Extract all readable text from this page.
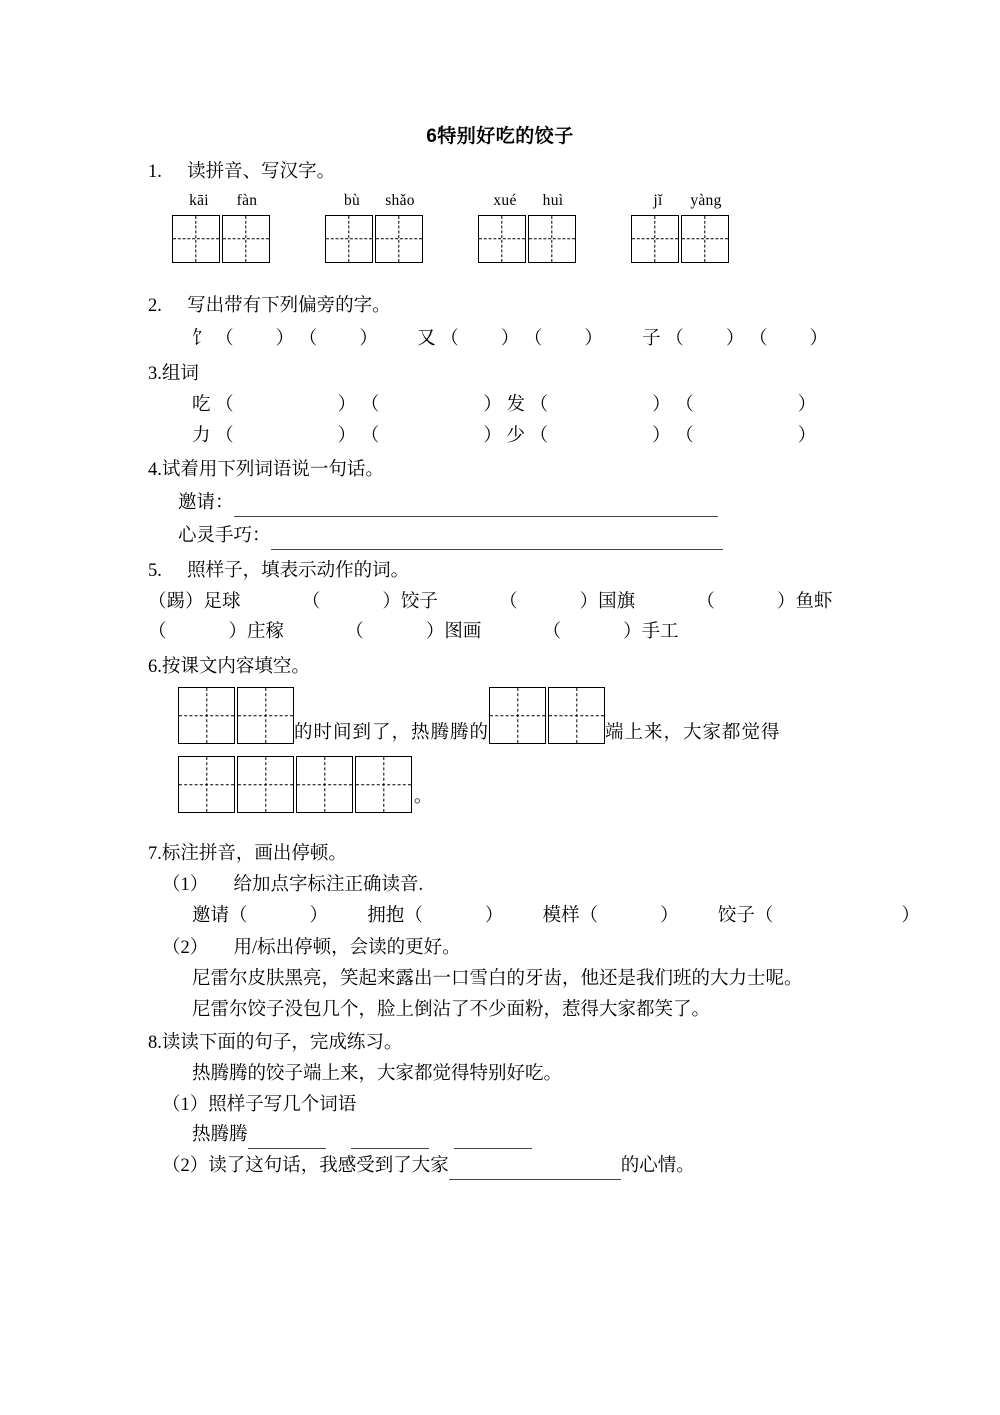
6特别好吃的饺子
1. 读拼音、写汉字。
kāi	fàn	bù	shǎo	xué	huì	jǐ	yàng
2. 写出带有下列偏旁的字。
饣 （ ） （ ） 又 （ ） （ ） 子 （ ） （ ）
3.组词
吃 （	） （	） 发 （	） （	）
力 （	） （	） 少 （	） （	）
4.试着用下列词语说一句话。
邀请：
心灵手巧：
5. 照样子，填表示动作的词。
（踢）足球	（	）饺子	（	）国旗	（	）鱼虾
（	）庄稼	（	）图画	（	）手工
6.按课文内容填空。
的时间到了，热腾腾的	端上来，大家都觉得
。
7.标注拼音，画出停顿。
（1） 给加点字标注正确读音.
邀请（	） 拥抱（	） 模样（	） 饺子（	）
（2） 用/标出停顿，会读的更好。
尼雷尔皮肤黑亮，笑起来露出一口雪白的牙齿，他还是我们班的大力士呢。
尼雷尔饺子没包几个，脸上倒沾了不少面粉，惹得大家都笑了。
8.读读下面的句子，完成练习。
热腾腾的饺子端上来，大家都觉得特别好吃。
（1）照样子写几个词语
热腾腾
（2）读了这句话，我感受到了大家	的心情。
